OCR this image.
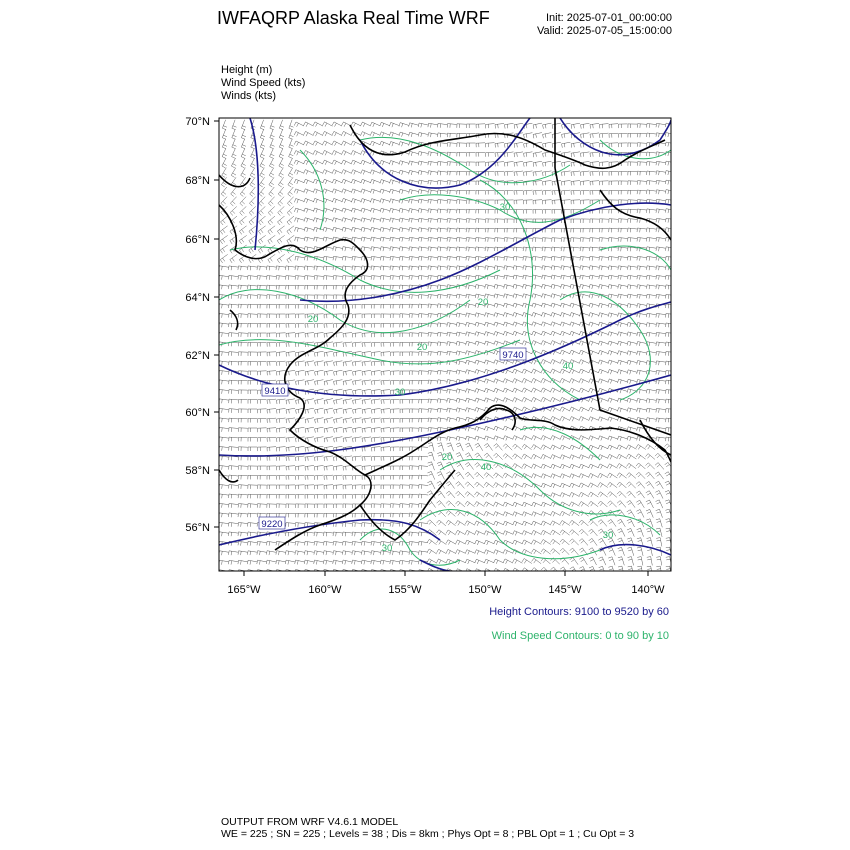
IWFAQRP Alaska Real Time WRF	Init: 2025-07-01_00:00:00
Valid: 2025-07-05_15:00:00
Height (m)
Wind Speed (kts)
Winds (kts)
70°N
68°N
66°N
64°N
62°N
60°N
58°N
56°N
165°W	160°W	155°W	150°W	145°W	140°W
9740
9410
9220
30
20
20
20
30
40
40
30
30
20
Height Contours: 9100 to 9520 by 60
Wind Speed Contours: 0 to 90 by 10
OUTPUT FROM WRF V4.6.1 MODEL
WE = 225 ; SN = 225 ; Levels = 38 ; Dis = 8km ; Phys Opt = 8 ; PBL Opt = 1 ; Cu Opt = 3
